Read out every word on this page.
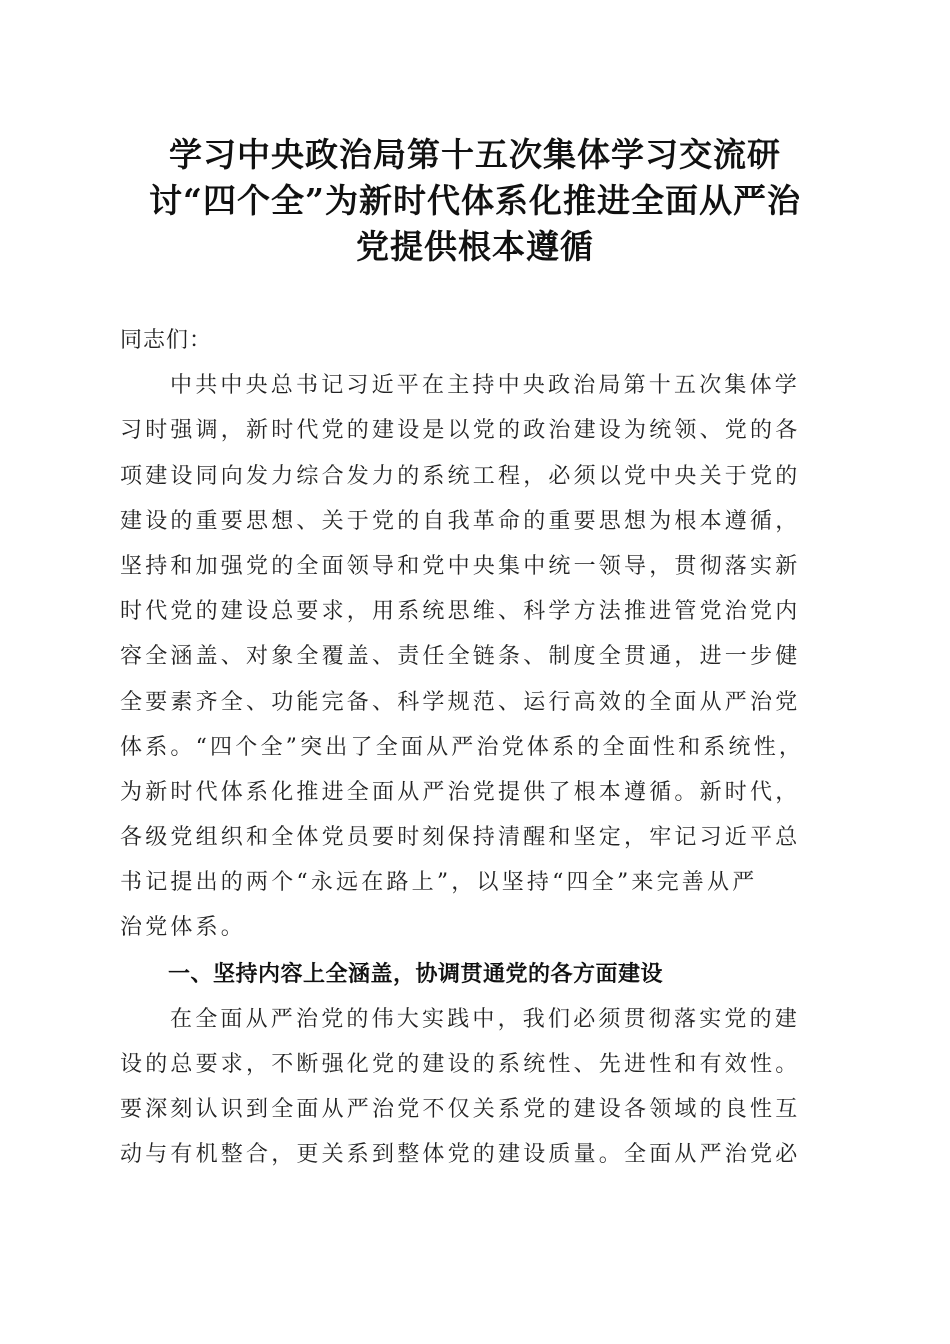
学习中央政治局第十五次集体学习交流研
讨“四个全”为新时代体系化推进全面从严治
党提供根本遵循
同志们：
中共中央总书记习近平在主持中央政治局第十五次集体学
习时强调，新时代党的建设是以党的政治建设为统领、党的各
项建设同向发力综合发力的系统工程，必须以党中央关于党的
建设的重要思想、关于党的自我革命的重要思想为根本遵循，
坚持和加强党的全面领导和党中央集中统一领导，贯彻落实新
时代党的建设总要求，用系统思维、科学方法推进管党治党内
容全涵盖、对象全覆盖、责任全链条、制度全贯通，进一步健
全要素齐全、功能完备、科学规范、运行高效的全面从严治党
体系。“四个全”突出了全面从严治党体系的全面性和系统性，
为新时代体系化推进全面从严治党提供了根本遵循。新时代，
各级党组织和全体党员要时刻保持清醒和坚定，牢记习近平总
书记提出的两个“永远在路上”，以坚持“四全”来完善从严
治党体系。
一、坚持内容上全涵盖，协调贯通党的各方面建设
在全面从严治党的伟大实践中，我们必须贯彻落实党的建
设的总要求，不断强化党的建设的系统性、先进性和有效性。
要深刻认识到全面从严治党不仅关系党的建设各领域的良性互
动与有机整合，更关系到整体党的建设质量。全面从严治党必
